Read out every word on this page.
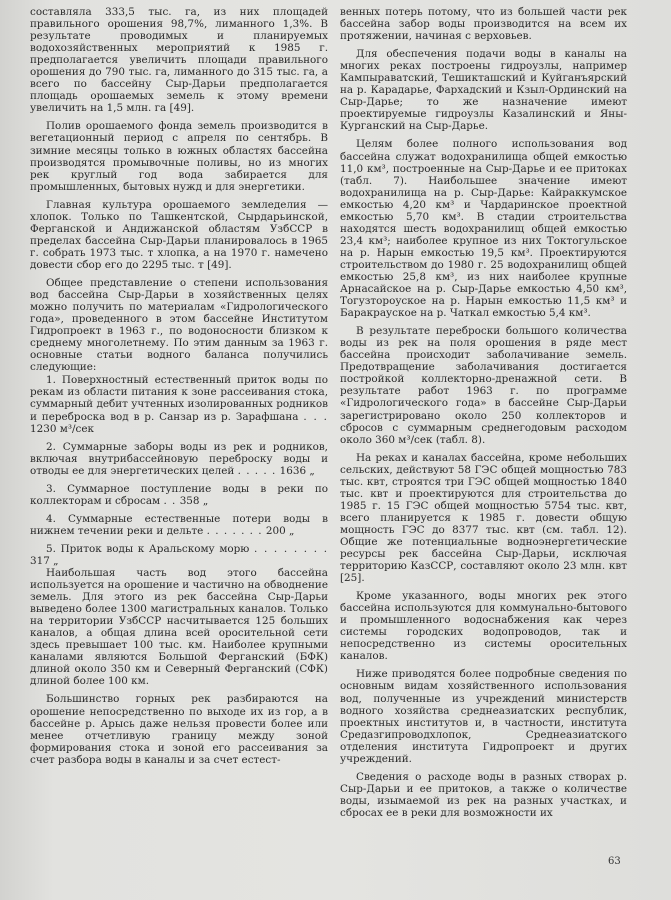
составляла 333,5 тыс. га, из них площадей правильного орошения 98,7%, лиманного 1,3%. В результате проводимых и планируемых водохозяйственных мероприятий к 1985 г. предполагается увеличить площади правильного орошения до 790 тыс. га, лиманного до 315 тыс. га, а всего по бассейну Сыр-Дарьи предполагается площадь орошаемых земель к этому времени увеличить на 1,5 млн. га [49].

Полив орошаемого фонда земель производится в вегетационный период с апреля по сентябрь. В зимние месяцы только в южных областях бассейна производятся промывочные поливы, но из многих рек круглый год вода забирается для промышленных, бытовых нужд и для энергетики.

Главная культура орошаемого земледелия — хлопок. Только по Ташкентской, Сырдарьинской, Ферганской и Андижанской областям УзбССР в пределах бассейна Сыр-Дарьи планировалось в 1965 г. собрать 1973 тыс. т хлопка, а на 1970 г. намечено довести сбор его до 2295 тыс. т [49].

Общее представление о степени использования вод бассейна Сыр-Дарьи в хозяйственных целях можно получить по материалам «Гидрологического года», проведенного в этом бассейне Институтом Гидропроект в 1963 г., по водоносности близком к среднему многолетнему. По этим данным за 1963 г. основные статьи водного баланса получились следующие:

1. Поверхностный естественный приток воды по рекам из области питания к зоне рассеивания стока, суммарный дебит учтенных изолированных родников и переброска вод в р. Санзар из р. Зарафшана . . . 1230 м³/сек

2. Суммарные заборы воды из рек и родников, включая внутрибассейновую переброску воды и отводы ее для энергетических целей . . . . . 1636 „

3. Суммарное поступление воды в реки по коллекторам и сбросам . . 358 „

4. Суммарные естественные потери воды в нижнем течении реки и дельте . . . . . . . 200 „

5. Приток воды к Аральскому морю . . . . . . . . 317 „

Наибольшая часть вод этого бассейна используется на орошение и частично на обводнение земель. Для этого из рек бассейна Сыр-Дарьи выведено более 1300 магистральных каналов. Только на территории УзбССР насчитывается 125 больших каналов, а общая длина всей оросительной сети здесь превышает 100 тыс. км. Наиболее крупными каналами являются Большой Ферганский (БФК) длиной около 350 км и Северный Ферганский (СФК) длиной более 100 км.

Большинство горных рек разбираются на орошение непосредственно по выходе их из гор, а в бассейне р. Арысь даже нельзя провести более или менее отчетливую границу между зоной формирования стока и зоной его рассеивания за счет разбора воды в каналы и за счет естест-

венных потерь потому, что из большей части рек бассейна забор воды производится на всем их протяжении, начиная с верховьев.

Для обеспечения подачи воды в каналы на многих реках построены гидроузлы, например Кампыраватский, Тешикташский и Куйганъярский на р. Карадарье, Фархадский и Кзыл-Ординский на Сыр-Дарье; то же назначение имеют проектируемые гидроузлы Казалинский и Яны-Курганский на Сыр-Дарье.

Целям более полного использования вод бассейна служат водохранилища общей емкостью 11,0 км³, построенные на Сыр-Дарье и ее притоках (табл. 7). Наибольшее значение имеют водохранилища на р. Сыр-Дарье: Кайраккумское емкостью 4,20 км³ и Чардаринское проектной емкостью 5,70 км³. В стадии строительства находятся шесть водохранилищ общей емкостью 23,4 км³; наиболее крупное из них Токтогульское на р. Нарын емкостью 19,5 км³. Проектируются строительством до 1980 г. 25 водохранилищ общей емкостью 25,8 км³, из них наиболее крупные Арнасайское на р. Сыр-Дарье емкостью 4,50 км³, Тогузтороуское на р. Нарын емкостью 11,5 км³ и Баракрауское на р. Чаткал емкостью 5,4 км³.

В результате переброски большого количества воды из рек на поля орошения в ряде мест бассейна происходит заболачивание земель. Предотвращение заболачивания достигается постройкой коллекторно-дренажной сети. В результате работ 1963 г. по программе «Гидрологического года» в бассейне Сыр-Дарьи зарегистрировано около 250 коллекторов и сбросов с суммарным среднегодовым расходом около 360 м³/сек (табл. 8).

На реках и каналах бассейна, кроме небольших сельских, действуют 58 ГЭС общей мощностью 783 тыс. квт, строятся три ГЭС общей мощностью 1840 тыс. квт и проектируются для строительства до 1985 г. 15 ГЭС общей мощностью 5754 тыс. квт, всего планируется к 1985 г. довести общую мощность ГЭС до 8377 тыс. квт (см. табл. 12). Общие же потенциальные водноэнергетические ресурсы рек бассейна Сыр-Дарьи, исключая территорию КазССР, составляют около 23 млн. квт [25].

Кроме указанного, воды многих рек этого бассейна используются для коммунально-бытового и промышленного водоснабжения как через системы городских водопроводов, так и непосредственно из системы оросительных каналов.

Ниже приводятся более подробные сведения по основным видам хозяйственного использования вод, полученные из учреждений министерств водного хозяйства среднеазиатских республик, проектных институтов и, в частности, института Средазгипроводхлопок, Среднеазиатского отделения института Гидропроект и других учреждений.

Сведения о расходе воды в разных створах р. Сыр-Дарьи и ее притоков, а также о количестве воды, изымаемой из рек на разных участках, и сбросах ее в реки для возможности их

63
